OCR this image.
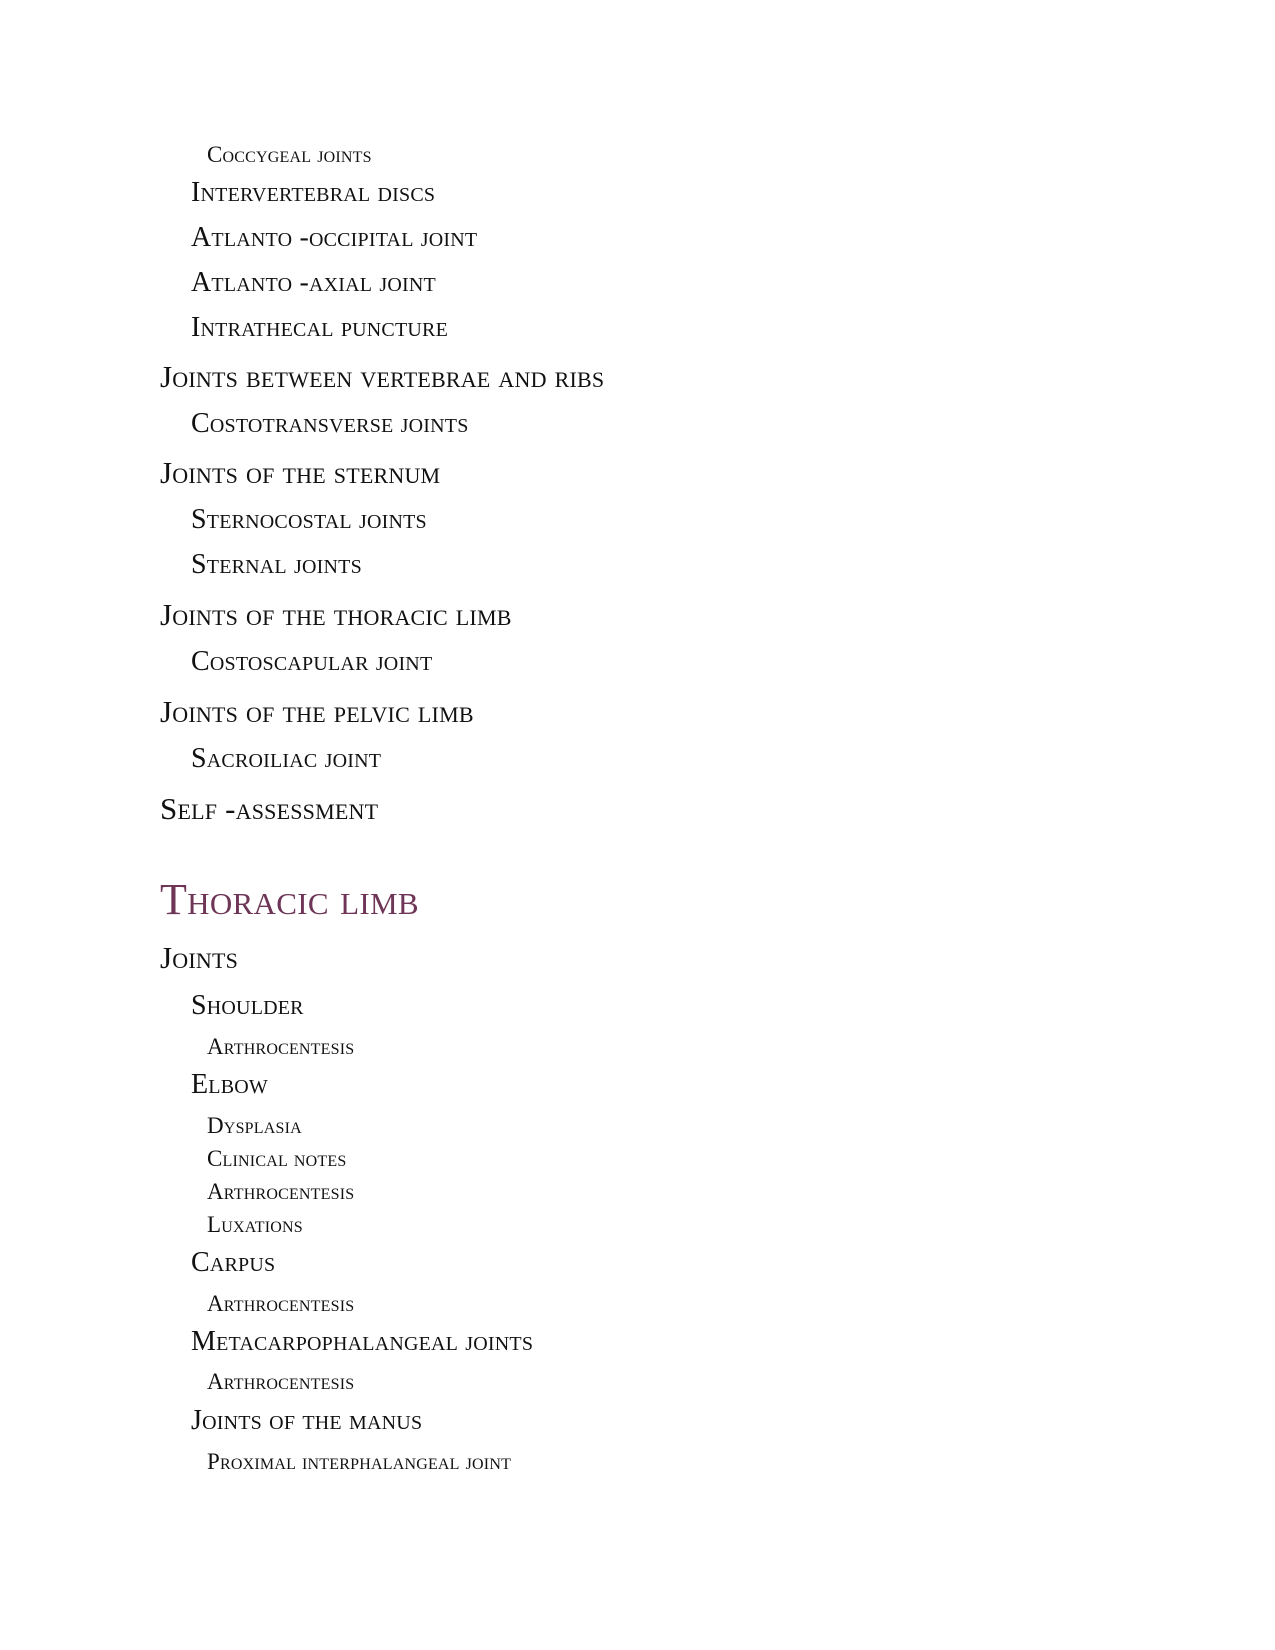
Coccygeal joints

Intervertebral discs

Atlanto -occipital joint

Atlanto -axial joint

Intrathecal puncture

Joints between vertebrae and ribs

Costotransverse joints

Joints of the sternum

Sternocostal joints

Sternal joints

Joints of the thoracic limb

Costoscapular joint

Joints of the pelvic limb

Sacroiliac joint

Self -assessment

Thoracic limb

Joints

Shoulder

Arthrocentesis

Elbow

Dysplasia

Clinical notes

Arthrocentesis

Luxations

Carpus

Arthrocentesis

Metacarpophalangeal joints

Arthrocentesis

Joints of the manus

Proximal interphalangeal joint
